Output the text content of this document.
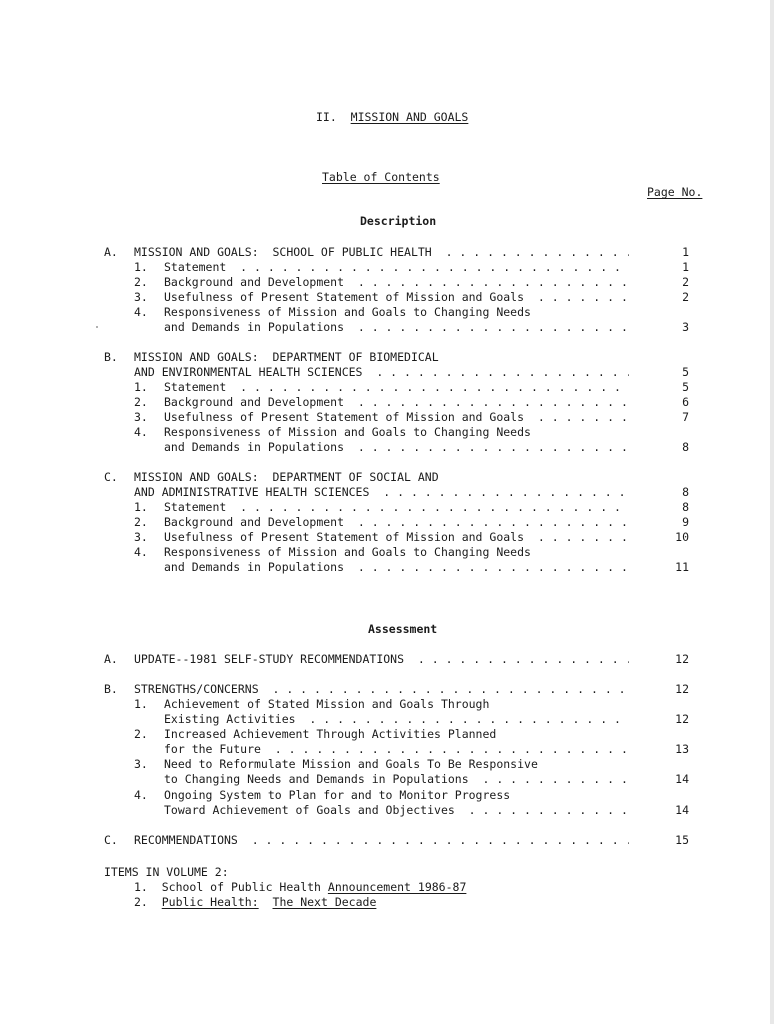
II. MISSION AND GOALS
Table of Contents
Page No.
Description
A. MISSION AND GOALS:  SCHOOL OF PUBLIC HEALTH . . .	1
1. Statement . . .	1
2. Background and Development . . .	2
3. Usefulness of Present Statement of Mission and Goals . . .	2
4. Responsiveness of Mission and Goals to Changing Needs
and Demands in Populations . . .	3
B. MISSION AND GOALS:  DEPARTMENT OF BIOMEDICAL
AND ENVIRONMENTAL HEALTH SCIENCES . . .	5
1. Statement . . .	5
2. Background and Development . . .	6
3. Usefulness of Present Statement of Mission and Goals . . .	7
4. Responsiveness of Mission and Goals to Changing Needs
and Demands in Populations . . .	8
C. MISSION AND GOALS:  DEPARTMENT OF SOCIAL AND
AND ADMINISTRATIVE HEALTH SCIENCES . . .	8
1. Statement . . .	8
2. Background and Development . . .	9
3. Usefulness of Present Statement of Mission and Goals . . .	10
4. Responsiveness of Mission and Goals to Changing Needs
and Demands in Populations . . .	11
Assessment
A. UPDATE--1981 SELF-STUDY RECOMMENDATIONS . . .	12
B. STRENGTHS/CONCERNS . . .	12
1. Achievement of Stated Mission and Goals Through
Existing Activities . . .	12
2. Increased Achievement Through Activities Planned
for the Future . . .	13
3. Need to Reformulate Mission and Goals To Be Responsive
to Changing Needs and Demands in Populations . . .	14
4. Ongoing System to Plan for and to Monitor Progress
Toward Achievement of Goals and Objectives . . .	14
C. RECOMMENDATIONS . . .	15
ITEMS IN VOLUME 2:
1. School of Public Health Announcement 1986-87
2. Public Health: The Next Decade
